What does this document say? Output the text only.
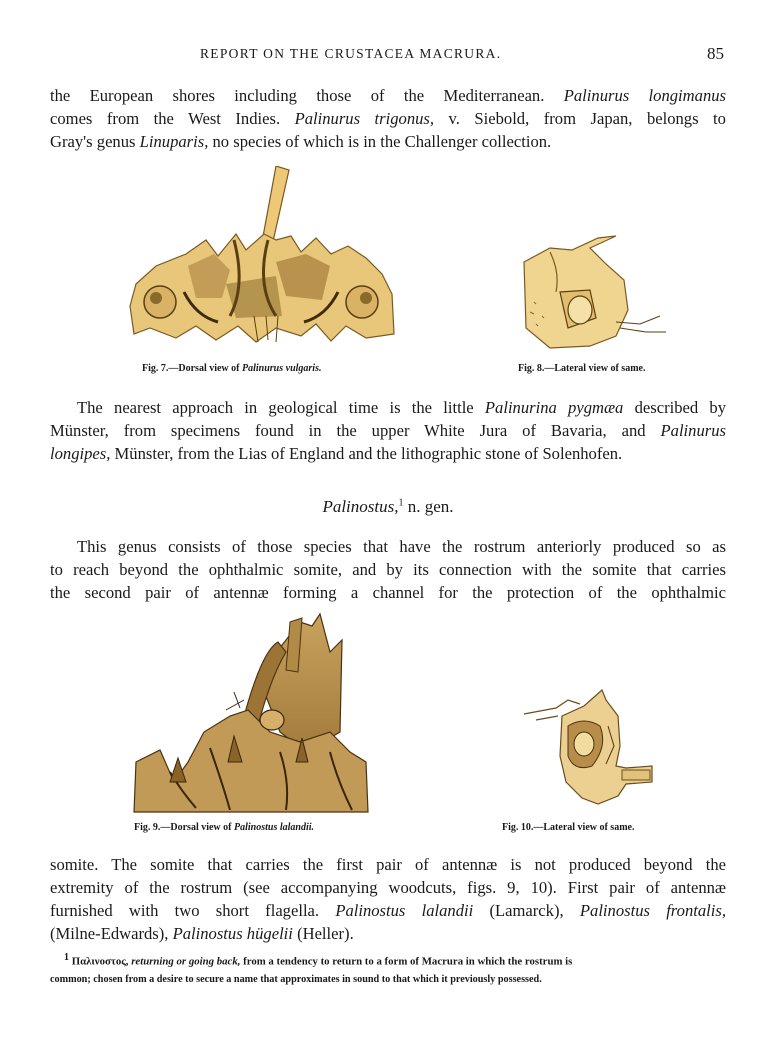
REPORT ON THE CRUSTACEA MACRURA.	85
the European shores including those of the Mediterranean. Palinurus longimanus
comes from the West Indies. Palinurus trigonus, v. Siebold, from Japan, belongs to
Gray's genus Linuparis, no species of which is in the Challenger collection.
Fig. 7.—Dorsal view of Palinurus vulgaris.	Fig. 8.—Lateral view of same.
The nearest approach in geological time is the little Palinurina pygmæa described by
Münster, from specimens found in the upper White Jura of Bavaria, and Palinurus
longipes, Münster, from the Lias of England and the lithographic stone of Solenhofen.
Palinostus,$^1$ n. gen.
This genus consists of those species that have the rostrum anteriorly produced so as
to reach beyond the ophthalmic somite, and by its connection with the somite that carries
the second pair of antennæ forming a channel for the protection of the ophthalmic
Fig. 9.—Dorsal view of Palinostus lalandii.	Fig. 10.—Lateral view of same.
somite. The somite that carries the first pair of antennæ is not produced beyond the
extremity of the rostrum (see accompanying woodcuts, figs. 9, 10). First pair of antennæ
furnished with two short flagella. Palinostus lalandii (Lamarck), Palinostus frontalis,
(Milne-Edwards), Palinostus hügelii (Heller).
$^1$ Παλινοστος, returning or going back, from a tendency to return to a form of Macrura in which the rostrum is
common; chosen from a desire to secure a name that approximates in sound to that which it previously possessed.
